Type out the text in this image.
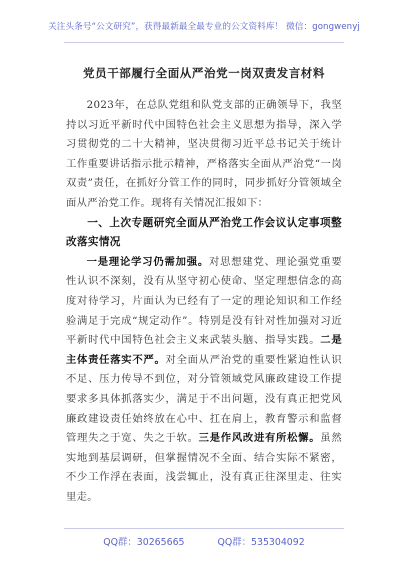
关注头条号“公文研究”，获得最新最全最专业的公文资料库！ 微信：gongwenyj
党员干部履行全面从严治党一岗双责发言材料

2023年，在总队党组和队党支部的正确领导下，我坚持以习近平新时代中国特色社会主义思想为指导，深入学习贯彻党的二十大精神，坚决贯彻习近平总书记关于统计工作重要讲话指示批示精神，严格落实全面从严治党“一岗双责”责任，在抓好分管工作的同时，同步抓好分管领域全面从严治党工作。现将有关情况汇报如下：

一、上次专题研究全面从严治党工作会议认定事项整改落实情况

一是理论学习仍需加强。对思想建党、理论强党重要性认识不深刻，没有从坚守初心使命、坚定理想信念的高度对待学习，片面认为已经有了一定的理论知识和工作经验满足于完成“规定动作”。特别是没有针对性加强对习近平新时代中国特色社会主义来武装头脑、指导实践。二是主体责任落实不严。对全面从严治党的重要性紧迫性认识不足、压力传导不到位，对分管领域党风廉政建设工作提要求多具体抓落实少，满足于不出问题，没有真正把党风廉政建设责任始终放在心中、扛在肩上，教育警示和监督管理失之于宽、失之于软。三是作风改进有所松懈。虽然实地到基层调研，但掌握情况不全面、结合实际不紧密，不少工作浮在表面，浅尝辄止，没有真正往深里走、往实里走。

QQ群：30265665	QQ群：535304092
